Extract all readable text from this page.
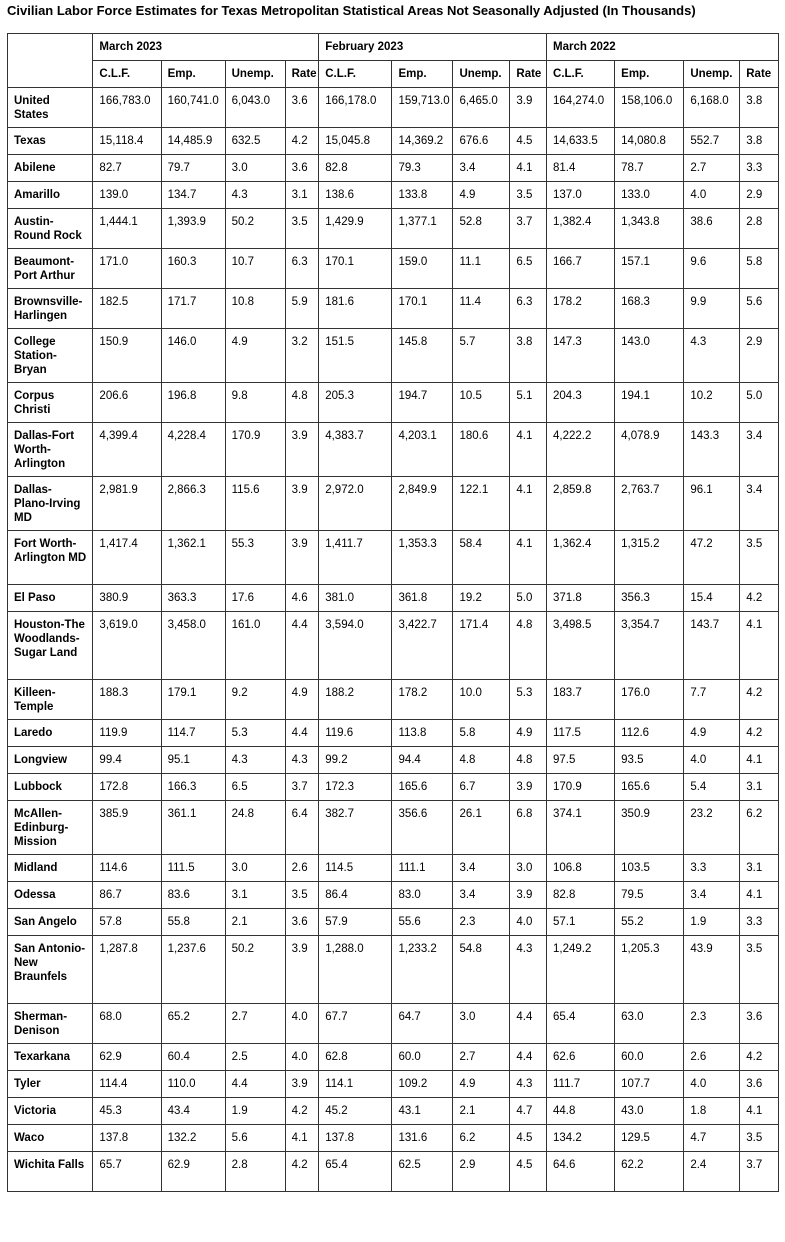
Civilian Labor Force Estimates for Texas Metropolitan Statistical Areas Not Seasonally Adjusted (In Thousands)
	March 2023				February 2023				March 2022			
	C.L.F.	Emp.	Unemp.	Rate	C.L.F.	Emp.	Unemp.	Rate	C.L.F.	Emp.	Unemp.	Rate
United States	166,783.0	160,741.0	6,043.0	3.6	166,178.0	159,713.0	6,465.0	3.9	164,274.0	158,106.0	6,168.0	3.8
Texas	15,118.4	14,485.9	632.5	4.2	15,045.8	14,369.2	676.6	4.5	14,633.5	14,080.8	552.7	3.8
Abilene	82.7	79.7	3.0	3.6	82.8	79.3	3.4	4.1	81.4	78.7	2.7	3.3
Amarillo	139.0	134.7	4.3	3.1	138.6	133.8	4.9	3.5	137.0	133.0	4.0	2.9
Austin-Round Rock	1,444.1	1,393.9	50.2	3.5	1,429.9	1,377.1	52.8	3.7	1,382.4	1,343.8	38.6	2.8
Beaumont-Port Arthur	171.0	160.3	10.7	6.3	170.1	159.0	11.1	6.5	166.7	157.1	9.6	5.8
Brownsville-Harlingen	182.5	171.7	10.8	5.9	181.6	170.1	11.4	6.3	178.2	168.3	9.9	5.6
College Station-Bryan	150.9	146.0	4.9	3.2	151.5	145.8	5.7	3.8	147.3	143.0	4.3	2.9
Corpus Christi	206.6	196.8	9.8	4.8	205.3	194.7	10.5	5.1	204.3	194.1	10.2	5.0
Dallas-Fort Worth-Arlington	4,399.4	4,228.4	170.9	3.9	4,383.7	4,203.1	180.6	4.1	4,222.2	4,078.9	143.3	3.4
Dallas-Plano-Irving MD	2,981.9	2,866.3	115.6	3.9	2,972.0	2,849.9	122.1	4.1	2,859.8	2,763.7	96.1	3.4
Fort Worth-Arlington MD	1,417.4	1,362.1	55.3	3.9	1,411.7	1,353.3	58.4	4.1	1,362.4	1,315.2	47.2	3.5
El Paso	380.9	363.3	17.6	4.6	381.0	361.8	19.2	5.0	371.8	356.3	15.4	4.2
Houston-The Woodlands-Sugar Land	3,619.0	3,458.0	161.0	4.4	3,594.0	3,422.7	171.4	4.8	3,498.5	3,354.7	143.7	4.1
Killeen-Temple	188.3	179.1	9.2	4.9	188.2	178.2	10.0	5.3	183.7	176.0	7.7	4.2
Laredo	119.9	114.7	5.3	4.4	119.6	113.8	5.8	4.9	117.5	112.6	4.9	4.2
Longview	99.4	95.1	4.3	4.3	99.2	94.4	4.8	4.8	97.5	93.5	4.0	4.1
Lubbock	172.8	166.3	6.5	3.7	172.3	165.6	6.7	3.9	170.9	165.6	5.4	3.1
McAllen-Edinburg-Mission	385.9	361.1	24.8	6.4	382.7	356.6	26.1	6.8	374.1	350.9	23.2	6.2
Midland	114.6	111.5	3.0	2.6	114.5	111.1	3.4	3.0	106.8	103.5	3.3	3.1
Odessa	86.7	83.6	3.1	3.5	86.4	83.0	3.4	3.9	82.8	79.5	3.4	4.1
San Angelo	57.8	55.8	2.1	3.6	57.9	55.6	2.3	4.0	57.1	55.2	1.9	3.3
San Antonio-New Braunfels	1,287.8	1,237.6	50.2	3.9	1,288.0	1,233.2	54.8	4.3	1,249.2	1,205.3	43.9	3.5
Sherman-Denison	68.0	65.2	2.7	4.0	67.7	64.7	3.0	4.4	65.4	63.0	2.3	3.6
Texarkana	62.9	60.4	2.5	4.0	62.8	60.0	2.7	4.4	62.6	60.0	2.6	4.2
Tyler	114.4	110.0	4.4	3.9	114.1	109.2	4.9	4.3	111.7	107.7	4.0	3.6
Victoria	45.3	43.4	1.9	4.2	45.2	43.1	2.1	4.7	44.8	43.0	1.8	4.1
Waco	137.8	132.2	5.6	4.1	137.8	131.6	6.2	4.5	134.2	129.5	4.7	3.5
Wichita Falls	65.7	62.9	2.8	4.2	65.4	62.5	2.9	4.5	64.6	62.2	2.4	3.7
